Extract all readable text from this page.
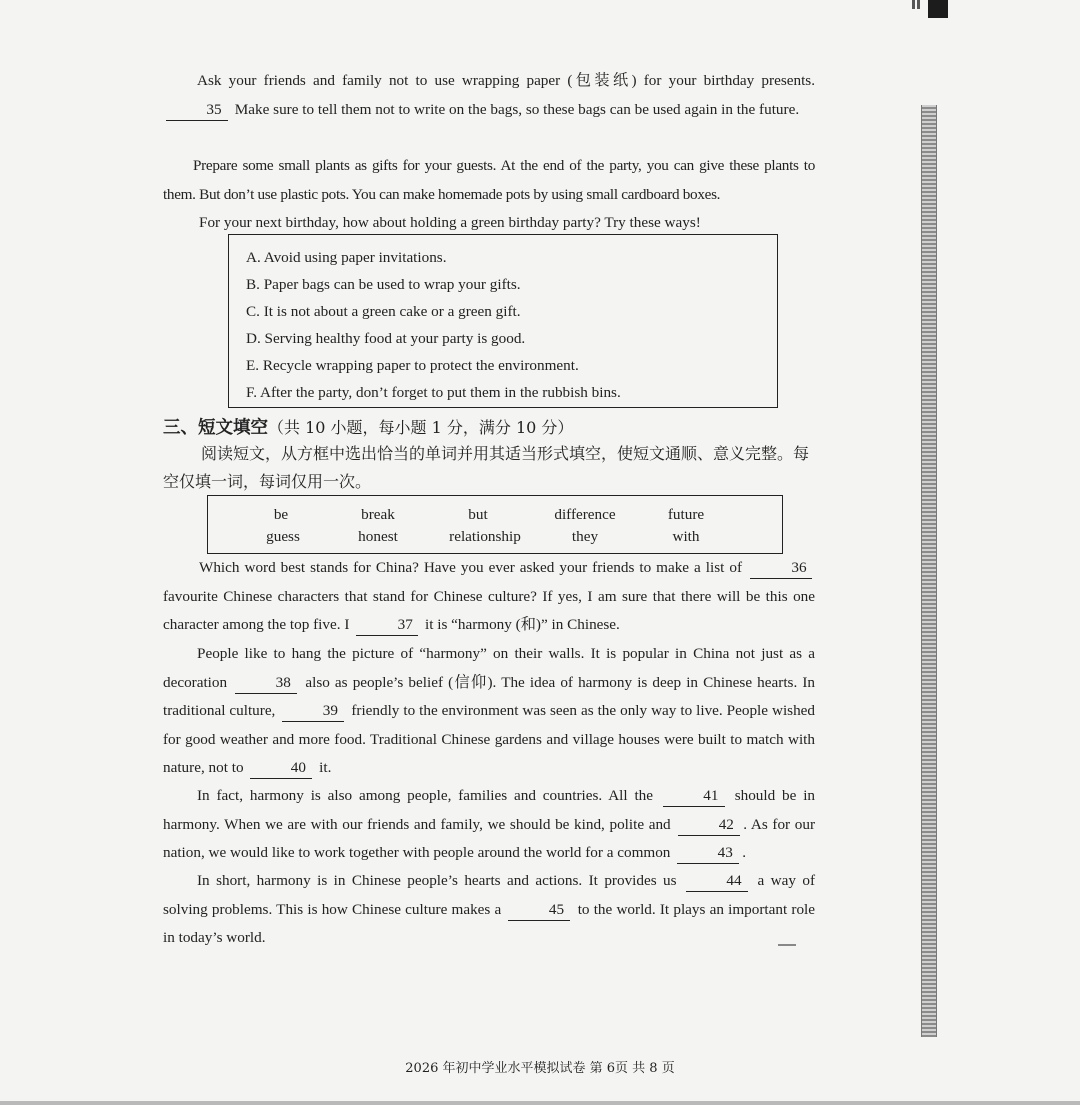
Ask your friends and family not to use wrapping paper (包装纸) for your birthday presents. 35 Make sure to tell them not to write on the bags, so these bags can be used again in the future.
Prepare some small plants as gifts for your guests. At the end of the party, you can give these plants to them. But don’t use plastic pots. You can make homemade pots by using small cardboard boxes.
For your next birthday, how about holding a green birthday party? Try these ways!
A. Avoid using paper invitations.
B. Paper bags can be used to wrap your gifts.
C. It is not about a green cake or a green gift.
D. Serving healthy food at your party is good.
E. Recycle wrapping paper to protect the environment.
F. After the party, don’t forget to put them in the rubbish bins.
三、短文填空（共 10 小题，每小题 1 分，满分 10 分）
阅读短文，从方框中选出恰当的单词并用其适当形式填空，使短文通顺、意义完整。每空仅填一词，每词仅用一次。
be	break	but	difference	future
guess	honest	relationship	they	with
Which word best stands for China? Have you ever asked your friends to make a list of	36 favourite Chinese characters that stand for Chinese culture? If yes, I am sure that there will be this one character among the top five. I	37 it is “harmony (和)” in Chinese.
People like to hang the picture of “harmony” on their walls. It is popular in China not just as a decoration	38 also as people’s belief (信仰). The idea of harmony is deep in Chinese hearts. In traditional culture,	39 friendly to the environment was seen as the only way to live. People wished for good weather and more food. Traditional Chinese gardens and village houses were built to match with nature, not to	40 it.
In fact, harmony is also among people, families and countries. All the	41 should be in harmony. When we are with our friends and family, we should be kind, polite and	42 . As for our nation, we would like to work together with people around the world for a common	43 .
In short, harmony is in Chinese people’s hearts and actions. It provides us	44 a way of solving problems. This is how Chinese culture makes a	45 to the world. It plays an important role in today’s world.
2026 年初中学业水平模拟试卷 第 6页 共 8 页
